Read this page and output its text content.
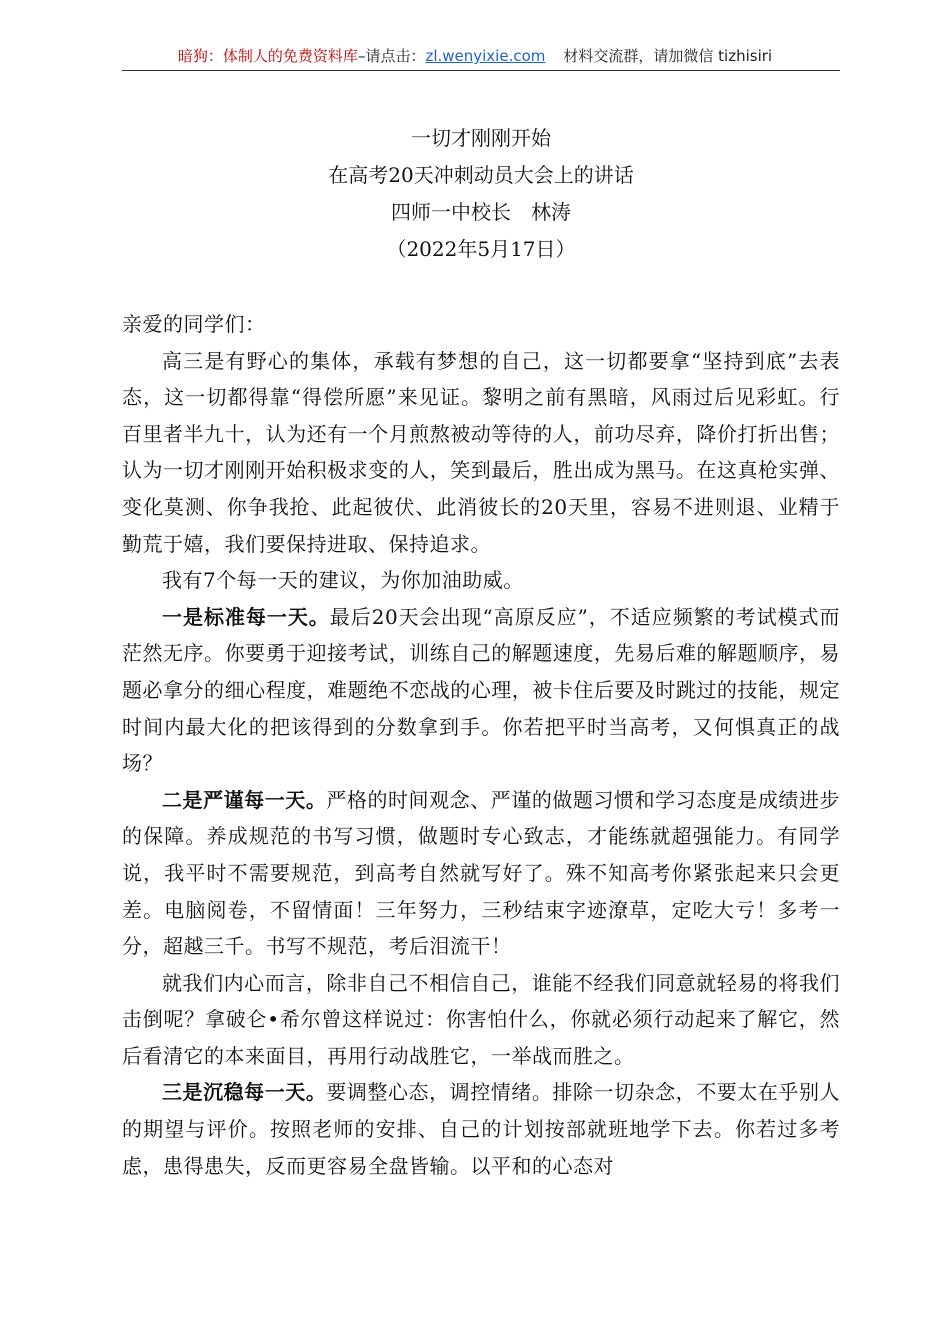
暗狗：体制人的免费资料库–请点击：zl.wenyixie.com 材料交流群，请加微信 tizhisiri
一切才刚刚开始
在高考20天冲刺动员大会上的讲话
四师一中校长　林涛
（2022年5月17日）

亲爱的同学们：

高三是有野心的集体，承载有梦想的自己，这一切都要拿“坚持到底”去表态，这一切都得靠“得偿所愿”来见证。黎明之前有黑暗，风雨过后见彩虹。行百里者半九十，认为还有一个月煎熬被动等待的人，前功尽弃，降价打折出售；认为一切才刚刚开始积极求变的人，笑到最后，胜出成为黑马。在这真枪实弹、变化莫测、你争我抢、此起彼伏、此消彼长的20天里，容易不进则退、业精于勤荒于嬉，我们要保持进取、保持追求。

我有7个每一天的建议，为你加油助威。

一是标准每一天。最后20天会出现“高原反应”，不适应频繁的考试模式而茫然无序。你要勇于迎接考试，训练自己的解题速度，先易后难的解题顺序，易题必拿分的细心程度，难题绝不恋战的心理，被卡住后要及时跳过的技能，规定时间内最大化的把该得到的分数拿到手。你若把平时当高考，又何惧真正的战场？

二是严谨每一天。严格的时间观念、严谨的做题习惯和学习态度是成绩进步的保障。养成规范的书写习惯，做题时专心致志，才能练就超强能力。有同学说，我平时不需要规范，到高考自然就写好了。殊不知高考你紧张起来只会更差。电脑阅卷，不留情面！三年努力，三秒结束字迹潦草，定吃大亏！多考一分，超越三千。书写不规范，考后泪流干！

就我们内心而言，除非自己不相信自己，谁能不经我们同意就轻易的将我们击倒呢？拿破仑•希尔曾这样说过：你害怕什么，你就必须行动起来了解它，然后看清它的本来面目，再用行动战胜它，一举战而胜之。

三是沉稳每一天。要调整心态，调控情绪。排除一切杂念，不要太在乎别人的期望与评价。按照老师的安排、自己的计划按部就班地学下去。你若过多考虑，患得患失，反而更容易全盘皆输。以平和的心态对
